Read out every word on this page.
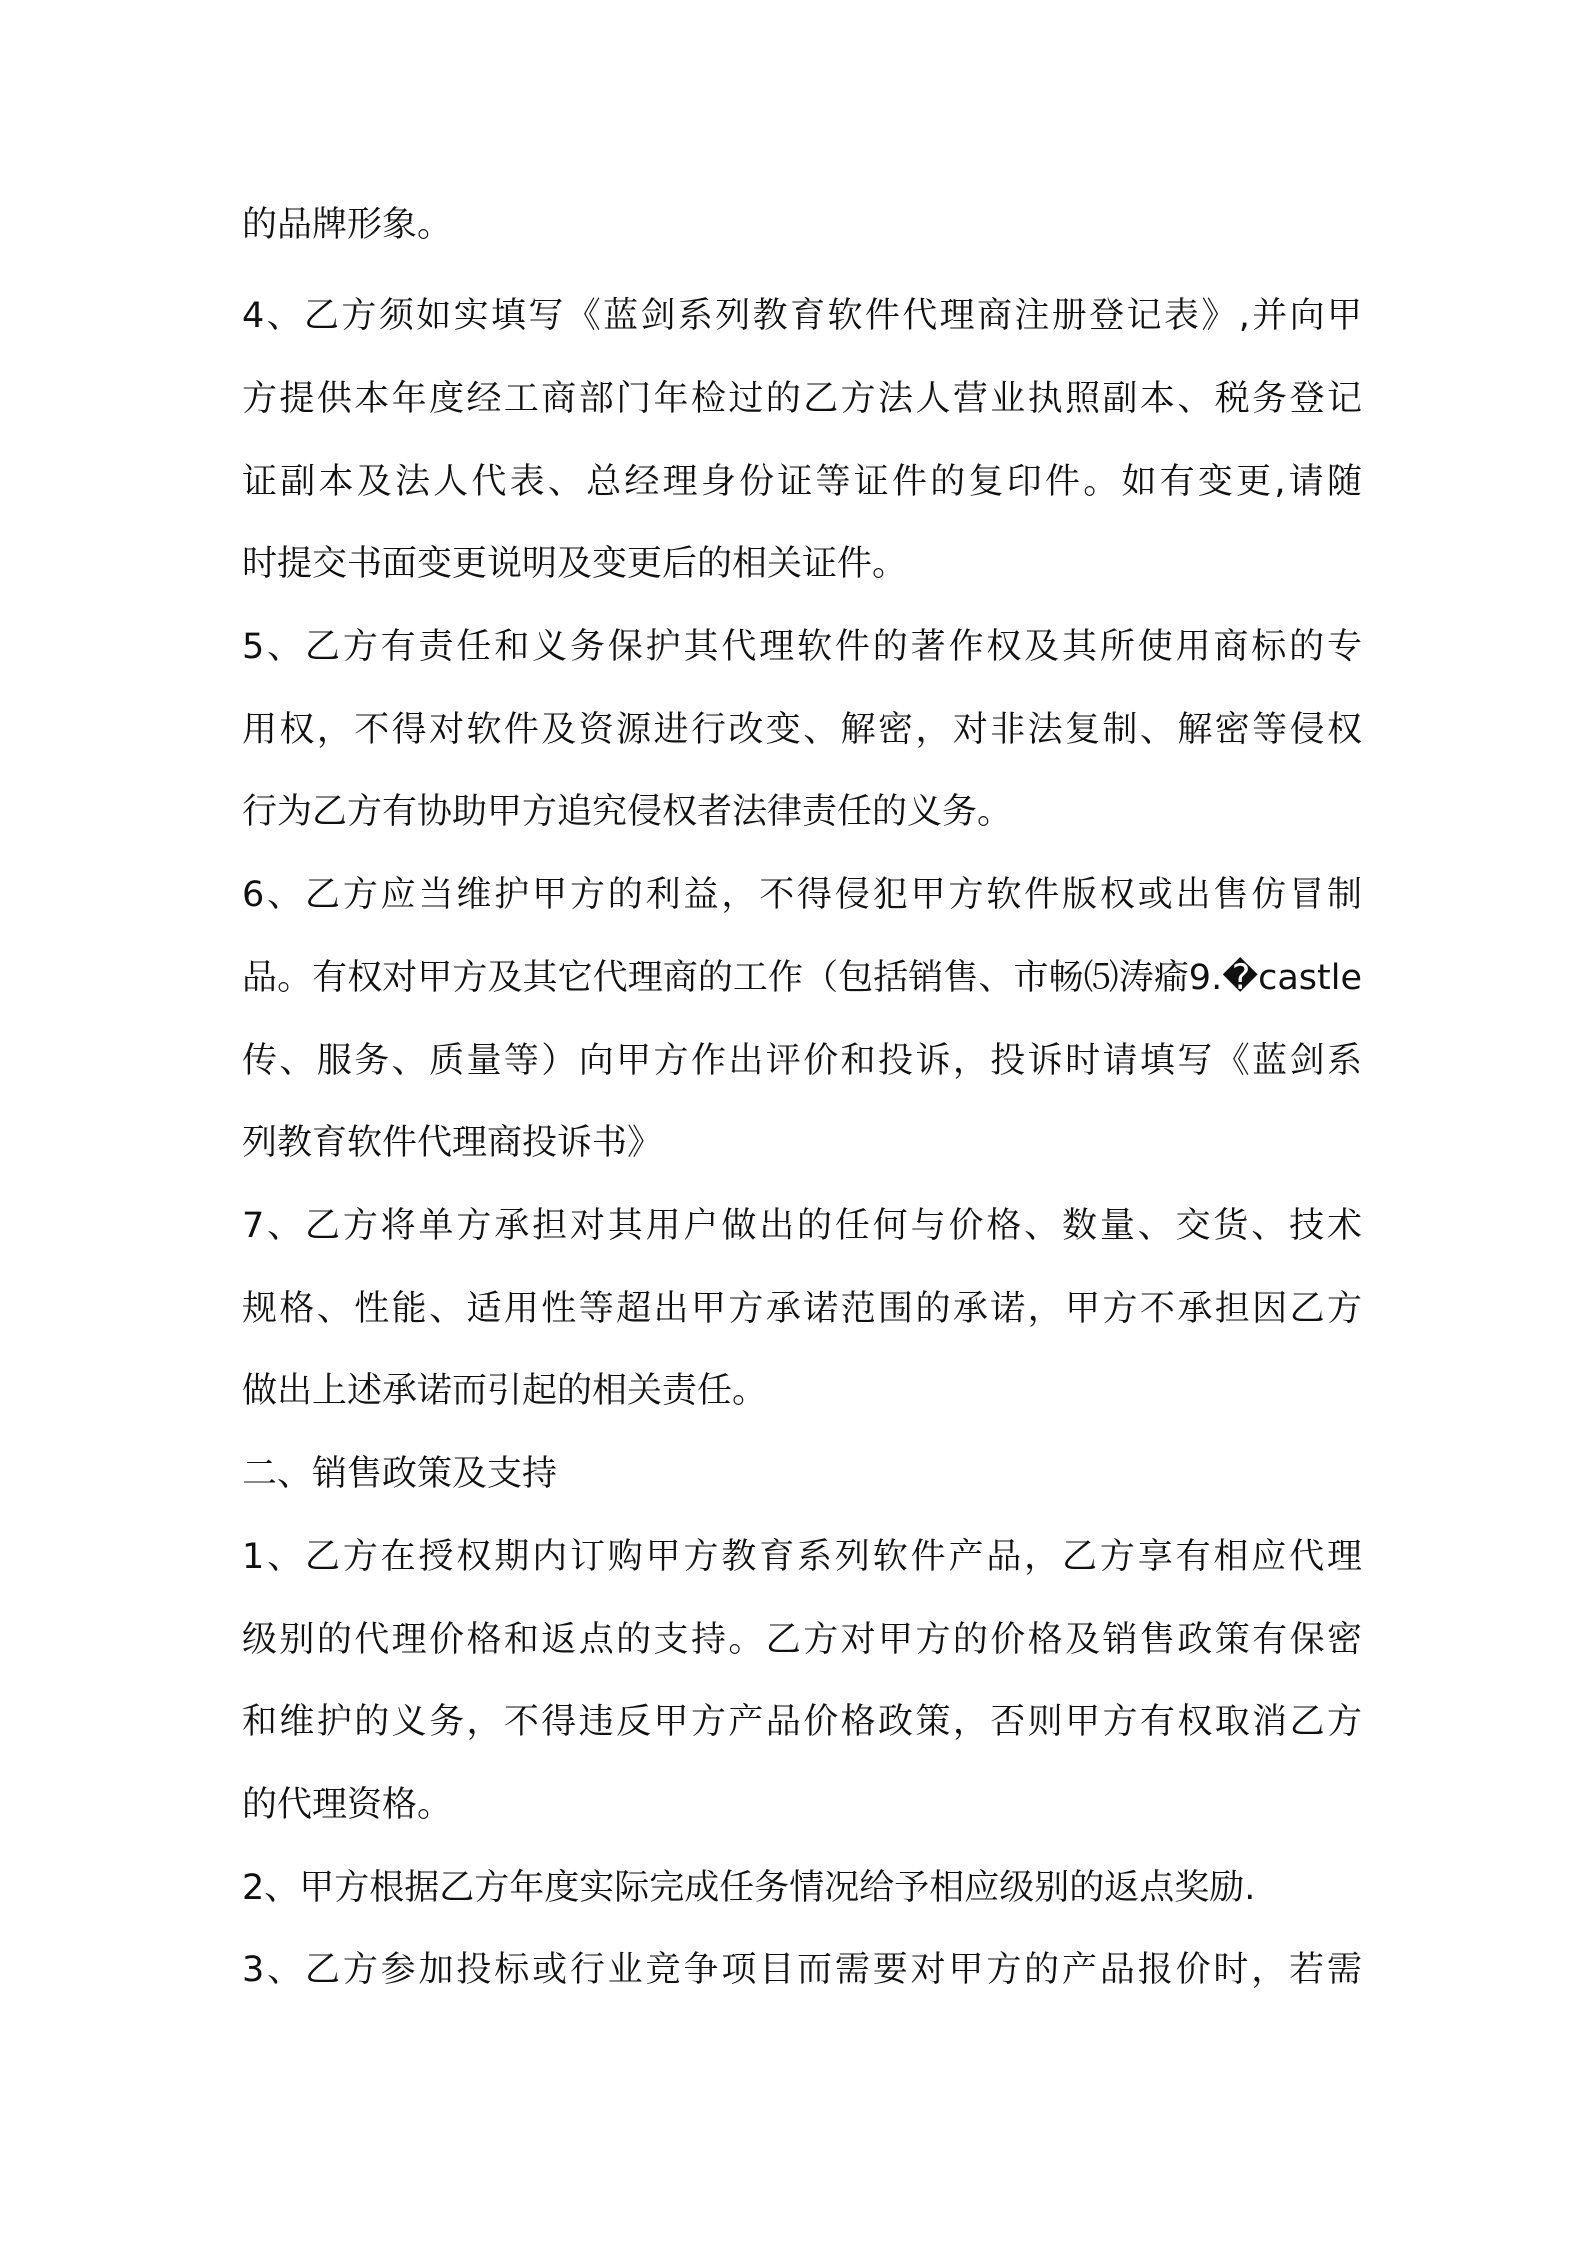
的品牌形象。

4、乙方须如实填写《蓝剑系列教育软件代理商注册登记表》,并向甲

方提供本年度经工商部门年检过的乙方法人营业执照副本、税务登记

证副本及法人代表、总经理身份证等证件的复印件。如有变更,请随

时提交书面变更说明及变更后的相关证件。

5、乙方有责任和义务保护其代理软件的著作权及其所使用商标的专

用权，不得对软件及资源进行改变、解密，对非法复制、解密等侵权

行为乙方有协助甲方追究侵权者法律责任的义务。

6、乙方应当维护甲方的利益，不得侵犯甲方软件版权或出售仿冒制

品。有权对甲方及其它代理商的工作（包括销售、市畅⑸涛瘉9.�castle

传、服务、质量等）向甲方作出评价和投诉，投诉时请填写《蓝剑系

列教育软件代理商投诉书》

7、乙方将单方承担对其用户做出的任何与价格、数量、交货、技术

规格、性能、适用性等超出甲方承诺范围的承诺，甲方不承担因乙方

做出上述承诺而引起的相关责任。

二、销售政策及支持

1、乙方在授权期内订购甲方教育系列软件产品，乙方享有相应代理

级别的代理价格和返点的支持。乙方对甲方的价格及销售政策有保密

和维护的义务，不得违反甲方产品价格政策，否则甲方有权取消乙方

的代理资格。

2、甲方根据乙方年度实际完成任务情况给予相应级别的返点奖励.

3、乙方参加投标或行业竞争项目而需要对甲方的产品报价时，若需
